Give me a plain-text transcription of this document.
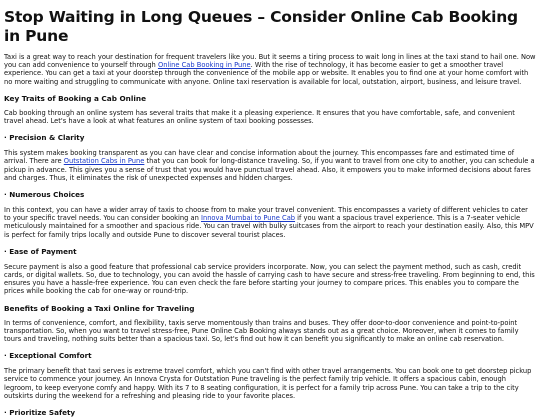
Stop Waiting in Long Queues – Consider Online Cab Booking in Pune

Taxi is a great way to reach your destination for frequent travelers like you. But it seems a tiring process to wait long in lines at the taxi stand to hail one. Now you can add convenience to yourself through Online Cab Booking in Pune. With the rise of technology, it has become easier to get a smoother travel experience. You can get a taxi at your doorstep through the convenience of the mobile app or website. It enables you to find one at your home comfort with no more waiting and struggling to communicate with anyone. Online taxi reservation is available for local, outstation, airport, business, and leisure travel.

Key Traits of Booking a Cab Online

Cab booking through an online system has several traits that make it a pleasing experience. It ensures that you have comfortable, safe, and convenient travel ahead. Let's have a look at what features an online system of taxi booking possesses.

· Precision & Clarity

This system makes booking transparent as you can have clear and concise information about the journey. This encompasses fare and estimated time of arrival. There are Outstation Cabs in Pune that you can book for long-distance traveling. So, if you want to travel from one city to another, you can schedule a pickup in advance. This gives you a sense of trust that you would have punctual travel ahead. Also, it empowers you to make informed decisions about fares and charges. Thus, it eliminates the risk of unexpected expenses and hidden charges.

· Numerous Choices

In this context, you can have a wider array of taxis to choose from to make your travel convenient. This encompasses a variety of different vehicles to cater to your specific travel needs. You can consider booking an Innova Mumbai to Pune Cab if you want a spacious travel experience. This is a 7-seater vehicle meticulously maintained for a smoother and spacious ride. You can travel with bulky suitcases from the airport to reach your destination easily. Also, this MPV is perfect for family trips locally and outside Pune to discover several tourist places.

· Ease of Payment

Secure payment is also a good feature that professional cab service providers incorporate. Now, you can select the payment method, such as cash, credit cards, or digital wallets. So, due to technology, you can avoid the hassle of carrying cash to have secure and stress-free traveling. From beginning to end, this ensures you have a hassle-free experience. You can even check the fare before starting your journey to compare prices. This enables you to compare the prices while booking the cab for one-way or round-trip.

Benefits of Booking a Taxi Online for Traveling

In terms of convenience, comfort, and flexibility, taxis serve momentously than trains and buses. They offer door-to-door convenience and point-to-point transportation. So, when you want to travel stress-free, Pune Online Cab Booking always stands out as a great choice. Moreover, when it comes to family tours and traveling, nothing suits better than a spacious taxi. So, let's find out how it can benefit you significantly to make an online cab reservation.

· Exceptional Comfort

The primary benefit that taxi serves is extreme travel comfort, which you can't find with other travel arrangements. You can book one to get doorstep pickup service to commence your journey. An Innova Crysta for Outstation Pune traveling is the perfect family trip vehicle. It offers a spacious cabin, enough legroom, to keep everyone comfy and happy. With its 7 to 8 seating configuration, it is perfect for a family trip across Pune. You can take a trip to the city outskirts during the weekend for a refreshing and pleasing ride to your favorite places.

· Prioritize Safety
